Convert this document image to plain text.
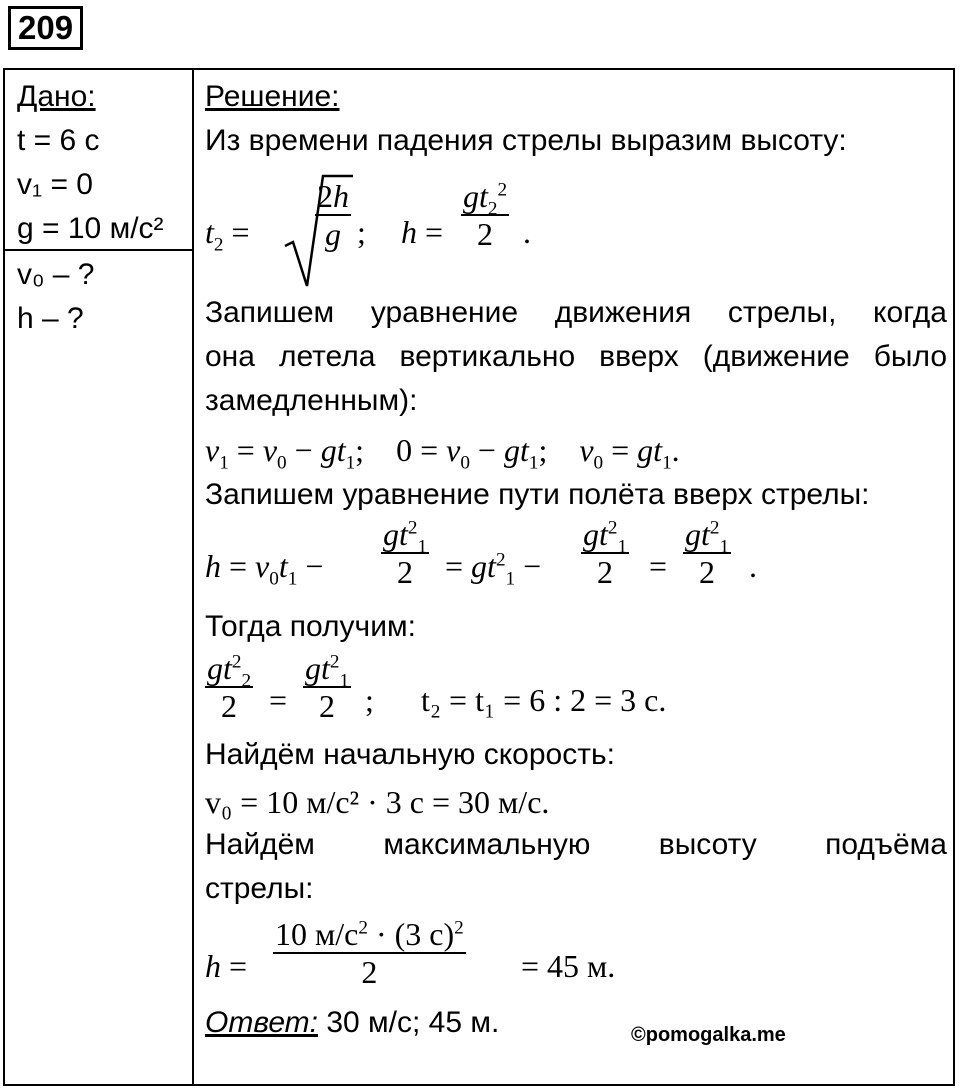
209
Дано:
t = 6 c
v₁ = 0
g = 10 м/с²
v₀ – ?
h – ?
Решение:
Из времени падения стрелы выразим высоту:
$t_2 = \frac{2h}{g}$ ; $h = \frac{gt_2^2}{2}$ .
Запишем уравнение движения стрелы, когда
она летела вертикально вверх (движение было
замедленным):
$v_1 = v_0 - gt_1$;    $0 = v_0 - gt_1$;    $v_0 = gt_1$.
Запишем уравнение пути полёта вверх стрелы:
$h = v_0t_1 - \frac{gt^2_1}{2} = gt^2_1 - \frac{gt^2_1}{2} = \frac{gt^2_1}{2}$ .
Тогда получим:
$\frac{gt^2_2}{2} = \frac{gt^2_1}{2}$ ; t₂ = t₁ = 6 : 2 = 3 с.
Найдём начальную скорость:
v₀ = 10 м/с² · 3 с = 30 м/с.
Найдём максимальную высоту подъёма
стрелы:
h =
10 $м/с^2 \cdot (3$ с)$^2$
2	= 45 м.
Ответ: 30 м/с; 45 м.	©pomogalka.me
